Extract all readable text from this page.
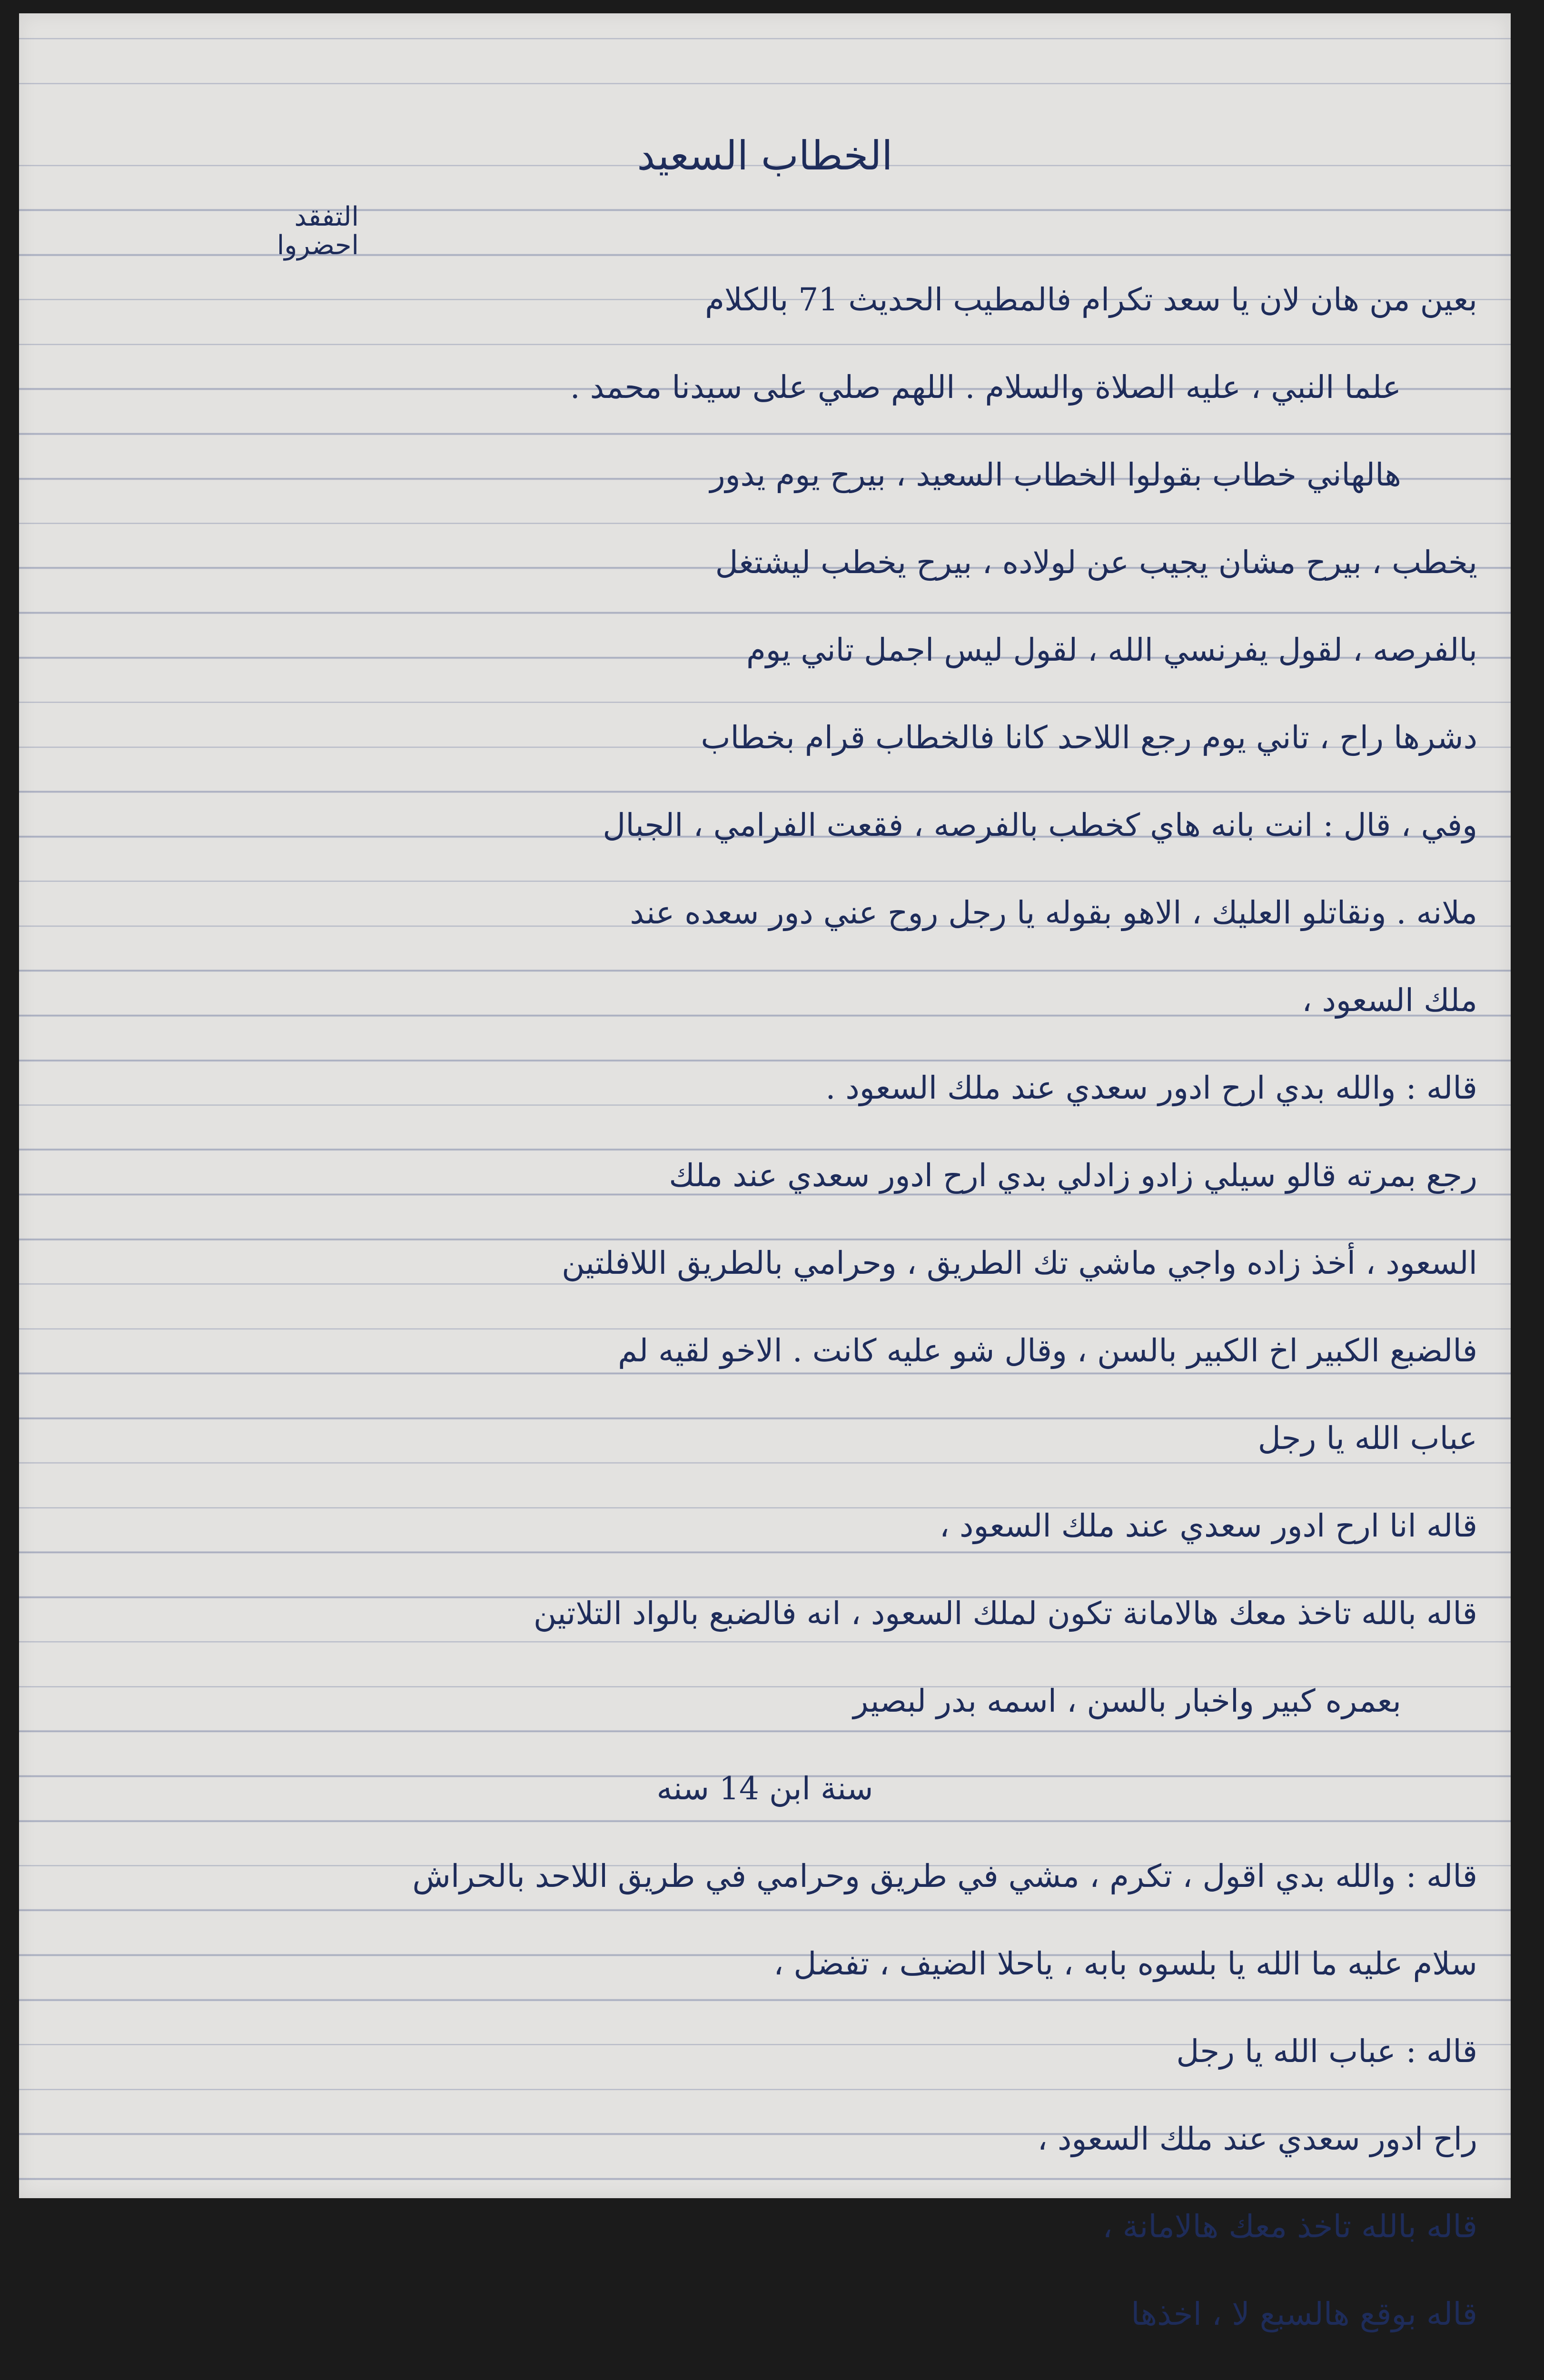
الخطاب السعيد
التفقد
احضروا
بعين من هان لان يا سعد تكرام فالمطيب الحديث 71 بالكلام
علما النبي ، عليه الصلاة والسلام . اللهم صلي على سيدنا محمد .
هالهاني خطاب بقولوا الخطاب السعيد ، بيرح يوم يدور
يخطب ، بيرح مشان يجيب عن لولاده ، بيرح يخطب ليشتغل
بالفرصه ، لقول يفرنسي الله ، لقول ليس اجمل تاني يوم
دشرها راح ، تاني يوم رجع اللاحد كانا فالخطاب قرام بخطاب
وفي ، قال : انت بانه هاي كخطب بالفرصه ، فقعت الفرامي ، الجبال
ملانه . ونقاتلو العليك ، الاهو بقوله يا رجل روح عني دور سعده عند
ملك السعود ،
قاله : والله بدي ارح ادور سعدي عند ملك السعود .
رجع بمرته قالو سيلي زادو زادلي بدي ارح ادور سعدي عند ملك
السعود ، أخذ زاده واجي ماشي تك الطريق ، وحرامي بالطريق اللافلتين
فالضبع الكبير اخ الكبير بالسن ، وقال شو عليه كانت . الاخو لقيه لم
عباب الله يا رجل
قاله انا ارح ادور سعدي عند ملك السعود ،
قاله بالله تاخذ معك هالامانة تكون لملك السعود ، انه فالضبع بالواد التلاتين
بعمره كبير واخبار بالسن ، اسمه بدر لبصير
سنة ابن 14 سنه
قاله : والله بدي اقول ، تكرم ، مشي في طريق وحرامي في طريق اللاحد بالحراش
سلام عليه ما الله يا بلسوه بابه ، ياحلا الضيف ، تفضل ،
قاله : عباب الله يا رجل
راح ادور سعدي عند ملك السعود ،
قاله بالله تاخذ معك هالامانة ،
قاله بوقع هالسبع لا ، اخذها
